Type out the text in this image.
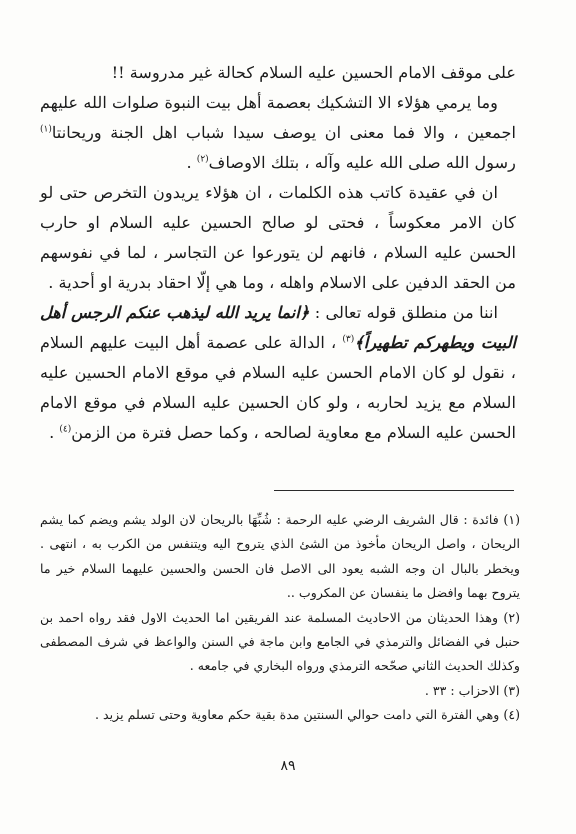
على موقف الامام الحسين عليه السلام كحالة غير مدروسة !!

وما يرمي هؤلاء الا التشكيك بعصمة أهل بيت النبوة صلوات الله عليهم اجمعين ، والا فما معنى ان يوصف سيدا شباب اهل الجنة وريحانتا$^{(١)}$ رسول الله صلى الله عليه وآله ، بتلك الاوصاف$^{(٢)}$ .

ان في عقيدة كاتب هذه الكلمات ، ان هؤلاء يريدون التخرص حتى لو كان الامر معكوساً ، فحتى لو صالح الحسين عليه السلام او حارب الحسن عليه السلام ، فانهم لن يتورعوا عن التجاسر ، لما في نفوسهم من الحقد الدفين على الاسلام واهله ، وما هي إلّا احقاد بدرية او أحدية .

اننا من منطلق قوله تعالى : ﴿انما يريد الله ليذهب عنكم الرجس أهل البيت ويطهركم تطهيراً﴾$^{(٣)}$ ، الدالة على عصمة أهل البيت عليهم السلام ، نقول لو كان الامام الحسن عليه السلام في موقع الامام الحسين عليه السلام مع يزيد لحاربه ، ولو كان الحسين عليه السلام في موقع الامام الحسن عليه السلام مع معاوية لصالحه ، وكما حصل فترة من الزمن$^{(٤)}$ .

(١) فائدة : قال الشريف الرضي عليه الرحمة : شُبِّهَا بالريحان لان الولد يشم ويضم كما يشم الريحان ، واصل الريحان مأخوذ من الشئ الذي يتروح اليه ويتنفس من الكرب به ، انتهى . ويخطر بالبال ان وجه الشبه يعود الى الاصل فان الحسن والحسين عليهما السلام خير ما يتروح بهما وافضل ما ينفسان عن المكروب ..

(٢) وهذا الحديثان من الاحاديث المسلمة عند الفريقين اما الحديث الاول فقد رواه احمد بن حنبل في الفضائل والترمذي في الجامع وابن ماجة في السنن والواعظ في شرف المصطفى وكذلك الحديث الثاني صحّحه الترمذي ورواه البخاري في جامعه .

(٣) الاحزاب : ٣٣ .

(٤) وهي الفترة التي دامت حوالي السنتين مدة بقية حكم معاوية وحتى تسلم يزيد .

٨٩
